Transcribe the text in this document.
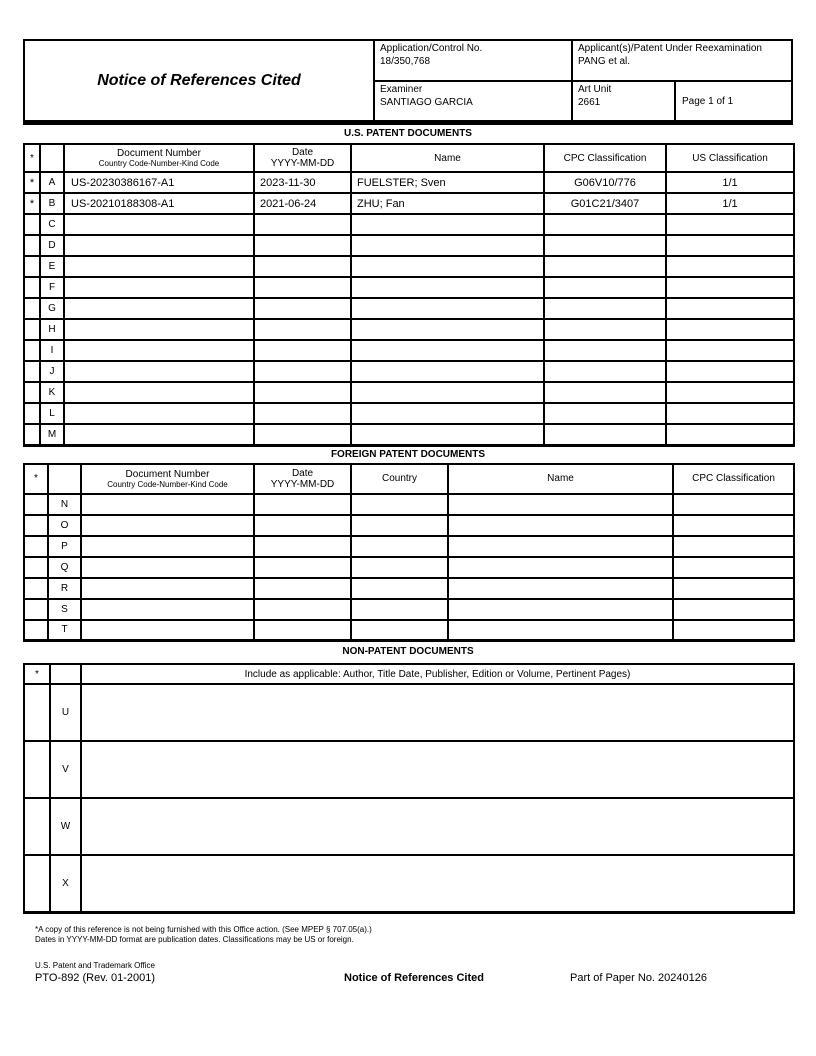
Notice of References Cited
Application/Control No.
18/350,768
Applicant(s)/Patent Under Reexamination
PANG et al.
Examiner
SANTIAGO GARCIA
Art Unit
2661	Page 1 of 1
U.S. PATENT DOCUMENTS
*		Document Number
Country Code-Number-Kind Code

Date
YYYY-MM-DD	Name	CPC Classification	US Classification
*	A	US-20230386167-A1	2023-11-30	FUELSTER; Sven	G06V10/776	1/1
*	B	US-20210188308-A1	2021-06-24	ZHU; Fan	G01C21/3407	1/1
	C					
	D					
	E					
	F					
	G					
	H					
	I					
	J					
	K					
	L					
	M					
FOREIGN PATENT DOCUMENTS
*		Document Number
Country Code-Number-Kind Code

Date
YYYY-MM-DD	Country	Name	CPC Classification
	N					
	O					
	P					
	Q					
	R					
	S					
	T					
NON-PATENT DOCUMENTS
*		Include as applicable: Author, Title Date, Publisher, Edition or Volume, Pertinent Pages)
	U	
	V	
	W	
	X	
*A copy of this reference is not being furnished with this Office action. (See MPEP § 707.05(a).)
Dates in YYYY-MM-DD format are publication dates. Classifications may be US or foreign.
U.S. Patent and Trademark Office
PTO-892 (Rev. 01-2001)	Notice of References Cited	Part of Paper No. 20240126
